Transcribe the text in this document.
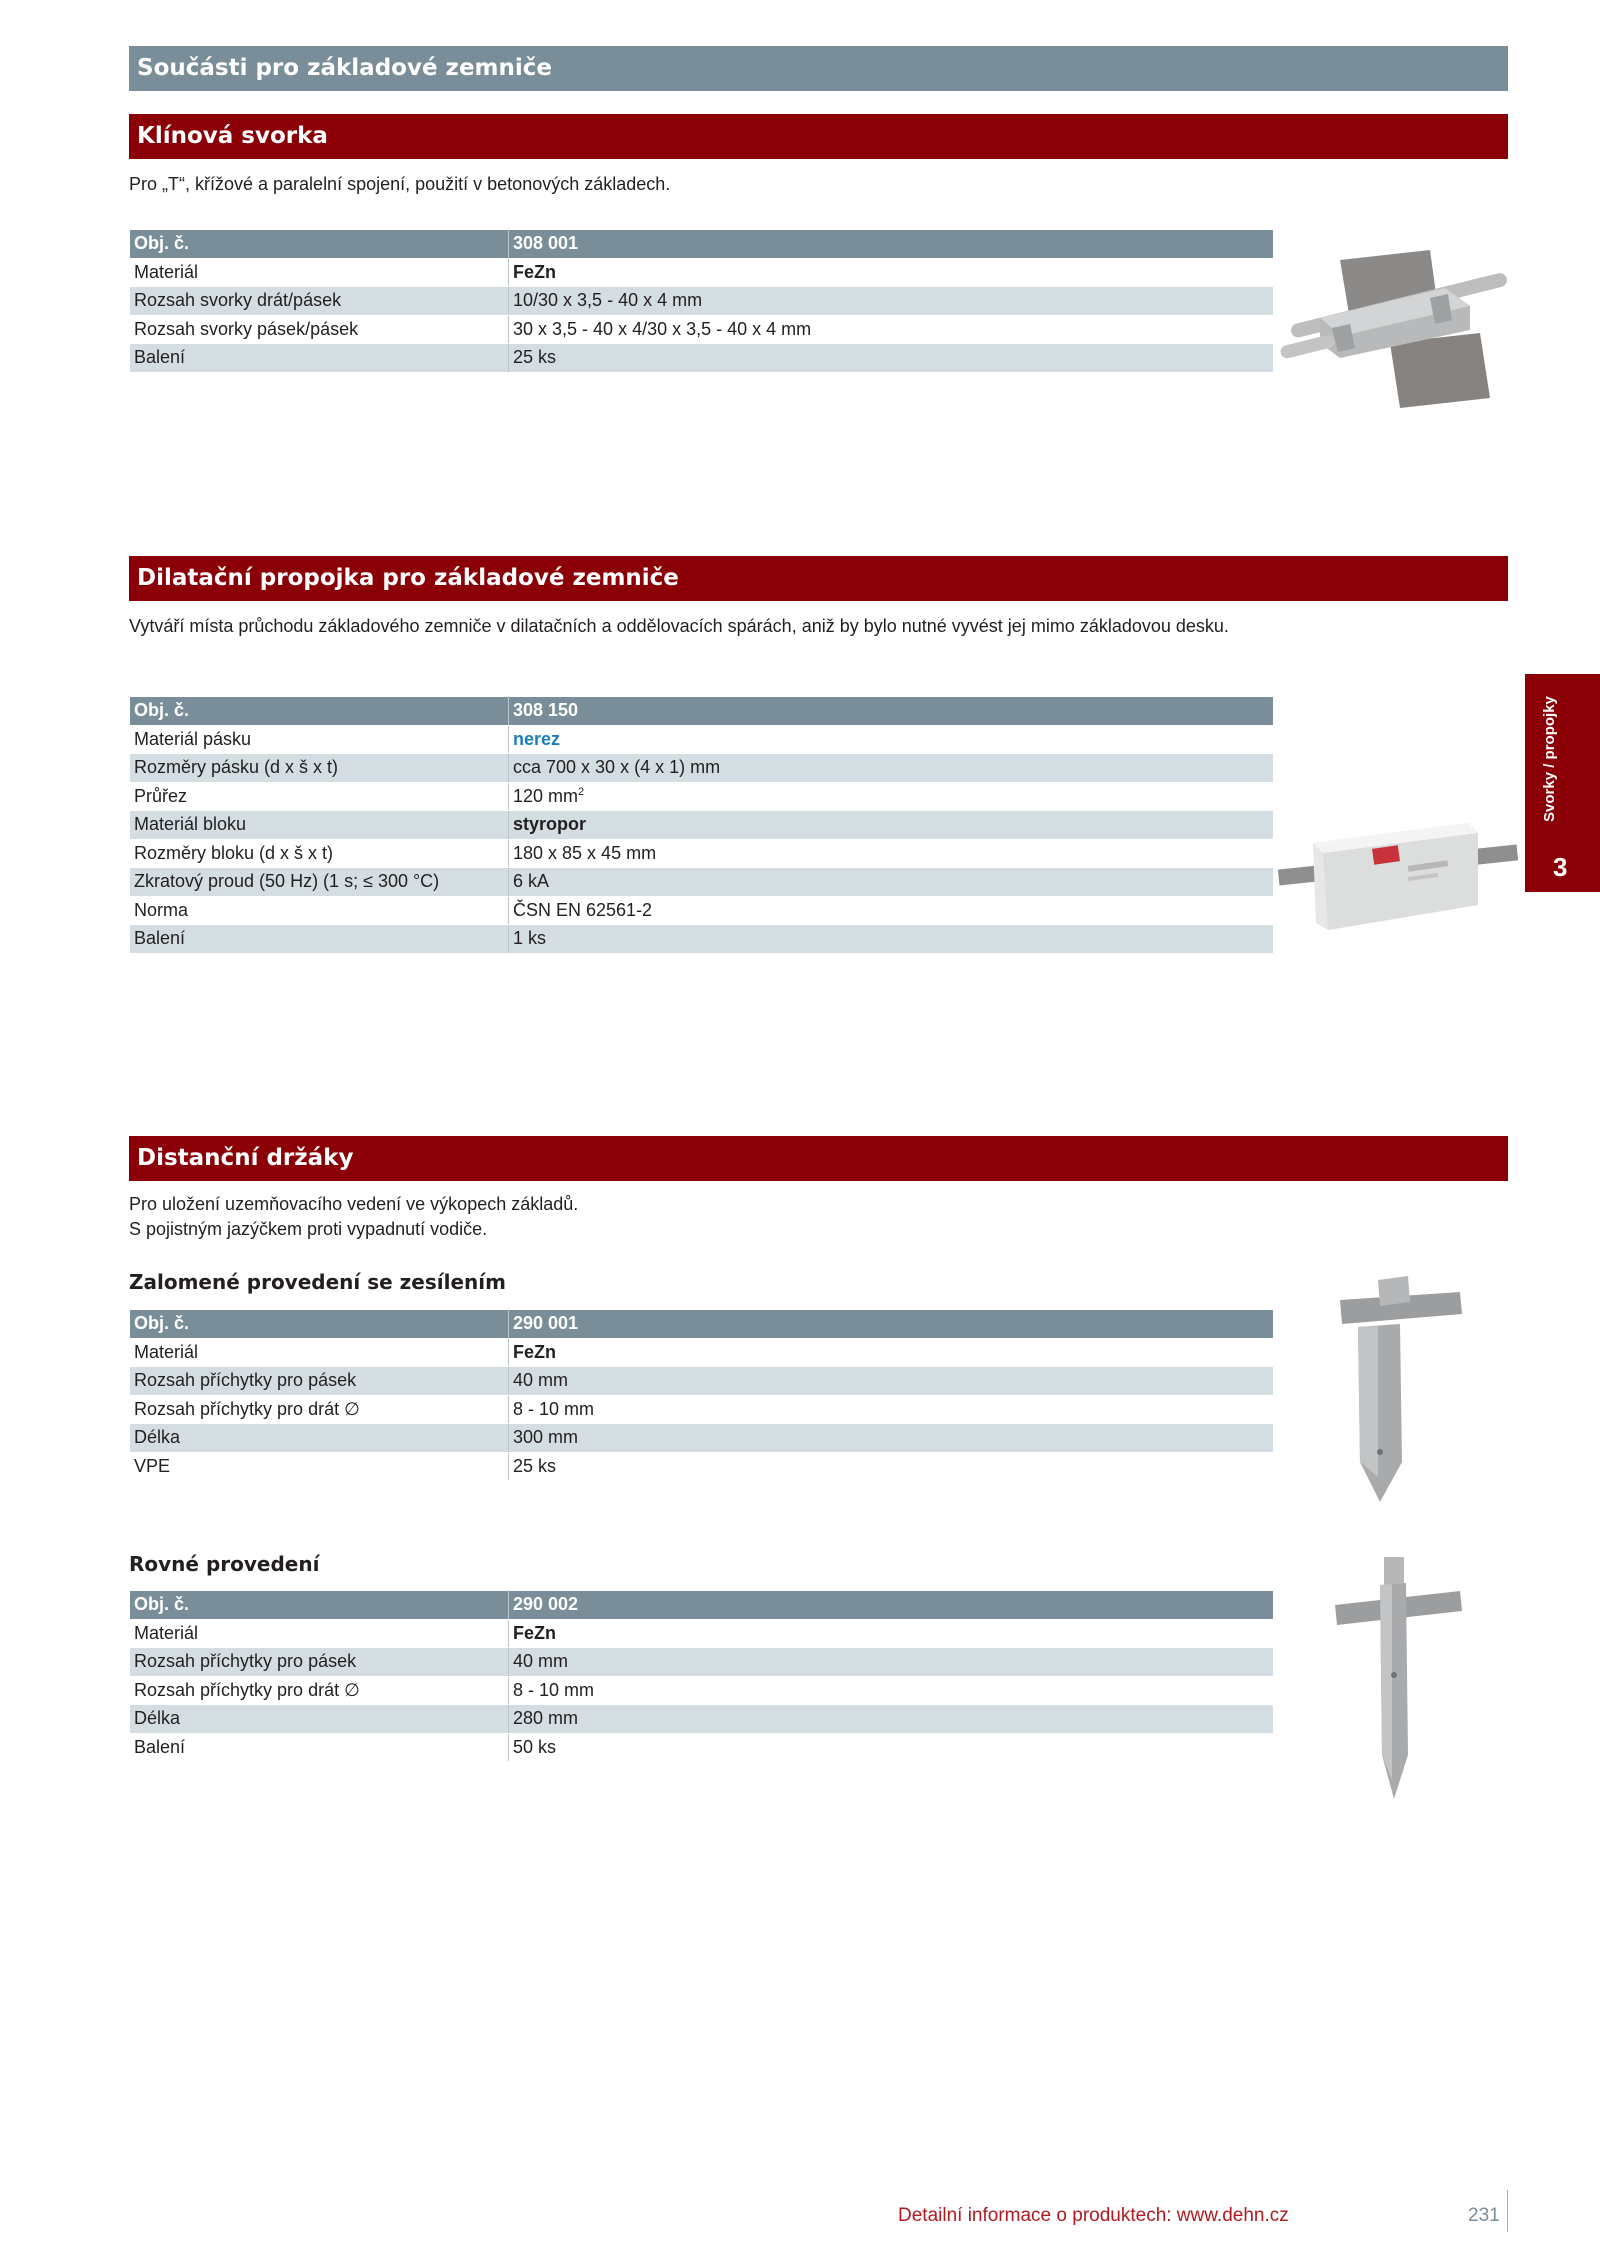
Součásti pro základové zemniče
Klínová svorka
Pro „T“, křížové a paralelní spojení, použití v betonových základech.
Obj. č.	308 001
Materiál	FeZn
Rozsah svorky drát/pásek	10/30 x 3,5 - 40 x 4 mm
Rozsah svorky pásek/pásek	30 x 3,5 - 40 x 4/30 x 3,5 - 40 x 4 mm
Balení	25 ks
Dilatační propojka pro základové zemniče
Vytváří místa průchodu základového zemniče v dilatačních a oddělovacích spárách, aniž by bylo nutné vyvést jej mimo základovou desku.
Obj. č.	308 150
Materiál pásku	nerez
Rozměry pásku (d x š x t)	cca 700 x 30 x (4 x 1) mm
Průřez	120 $mm^2$
Materiál bloku	styropor
Rozměry bloku (d x š x t)	180 x 85 x 45 mm
Zkratový proud (50 Hz) (1 s; ≤ 300 °C)	6 kA
Norma	ČSN EN 62561-2
Balení	1 ks
Svorky / propojky
3
Distanční držáky
Pro uložení uzemňovacího vedení ve výkopech základů.
S pojistným jazýčkem proti vypadnutí vodiče.
Zalomené provedení se zesílením
Obj. č.	290 001
Materiál	FeZn
Rozsah příchytky pro pásek	40 mm
Rozsah příchytky pro drát ∅	8 - 10 mm
Délka	300 mm
VPE	25 ks
Rovné provedení
Obj. č.	290 002
Materiál	FeZn
Rozsah příchytky pro pásek	40 mm
Rozsah příchytky pro drát ∅	8 - 10 mm
Délka	280 mm
Balení	50 ks
Detailní informace o produktech: www.dehn.cz	231
